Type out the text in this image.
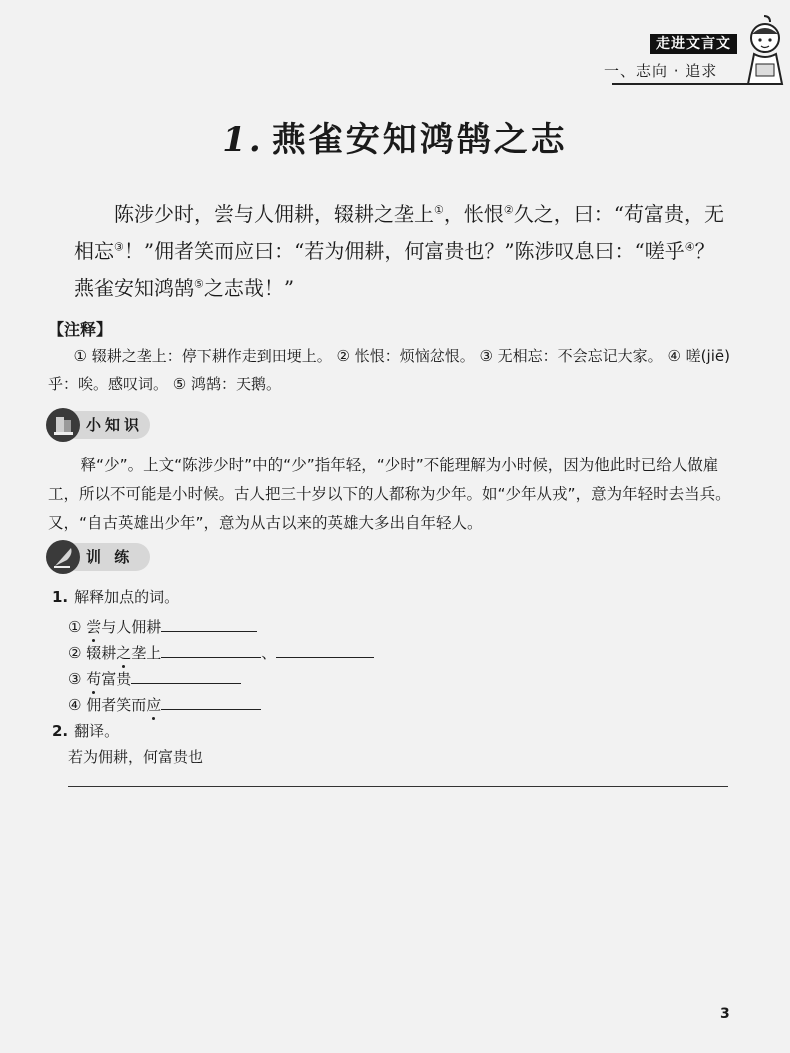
走进文言文
一、志向 · 追求
1. 燕雀安知鸿鹄之志

陈涉少时，尝与人佣耕，辍耕之垄上①，怅恨②久之，曰：“苟富贵，无相忘③！”佣者笑而应曰：“若为佣耕，何富贵也？”陈涉叹息曰：“嗟乎④？燕雀安知鸿鹄⑤之志哉！”

【注释】
① 辍耕之垄上：停下耕作走到田埂上。 ② 怅恨：烦恼忿恨。 ③ 无相忘：不会忘记大家。 ④ 嗟(jiē)乎：唉。感叹词。 ⑤ 鸿鹄：天鹅。
小知识
释“少”。上文“陈涉少时”中的“少”指年轻，“少时”不能理解为小时候，因为他此时已给人做雇工，所以不可能是小时候。古人把三十岁以下的人都称为少年。如“少年从戎”，意为年轻时去当兵。又，“自古英雄出少年”，意为从古以来的英雄大多出自年轻人。
训 练
1. 解释加点的词。
① 尝与人佣耕
② 辍耕之垄上	、
③ 苟富贵
④ 佣者笑而应
2. 翻译。
若为佣耕，何富贵也
3
